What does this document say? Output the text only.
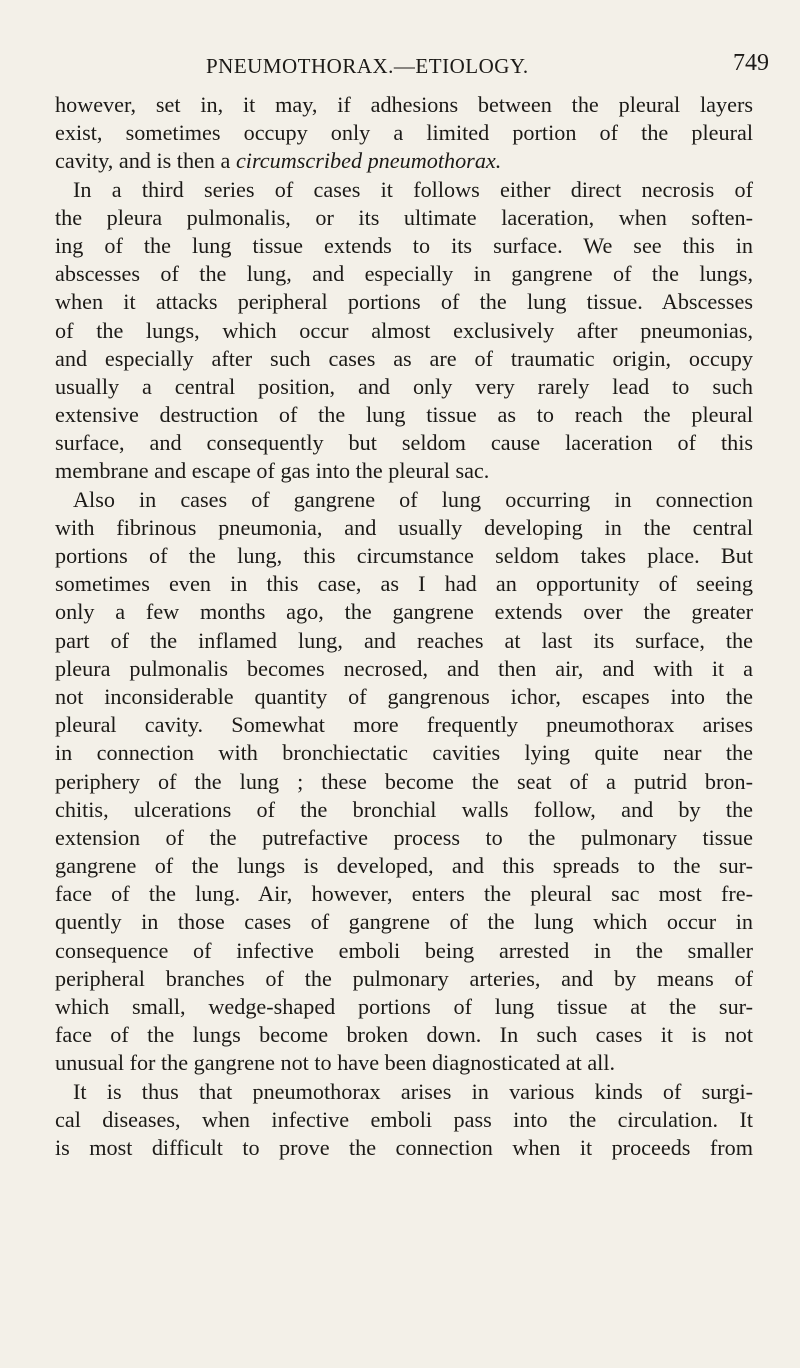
PNEUMOTHORAX.—ETIOLOGY.	749
however, set in, it may, if adhesions between the pleural layers
exist, sometimes occupy only a limited portion of the pleural
cavity, and is then a circumscribed pneumothorax.
In a third series of cases it follows either direct necrosis of
the pleura pulmonalis, or its ultimate laceration, when soften-
ing of the lung tissue extends to its surface. We see this in
abscesses of the lung, and especially in gangrene of the lungs,
when it attacks peripheral portions of the lung tissue. Abscesses
of the lungs, which occur almost exclusively after pneumonias,
and especially after such cases as are of traumatic origin, occupy
usually a central position, and only very rarely lead to such
extensive destruction of the lung tissue as to reach the pleural
surface, and consequently but seldom cause laceration of this
membrane and escape of gas into the pleural sac.
Also in cases of gangrene of lung occurring in connection
with fibrinous pneumonia, and usually developing in the central
portions of the lung, this circumstance seldom takes place. But
sometimes even in this case, as I had an opportunity of seeing
only a few months ago, the gangrene extends over the greater
part of the inflamed lung, and reaches at last its surface, the
pleura pulmonalis becomes necrosed, and then air, and with it a
not inconsiderable quantity of gangrenous ichor, escapes into the
pleural cavity. Somewhat more frequently pneumothorax arises
in connection with bronchiectatic cavities lying quite near the
periphery of the lung ; these become the seat of a putrid bron-
chitis, ulcerations of the bronchial walls follow, and by the
extension of the putrefactive process to the pulmonary tissue
gangrene of the lungs is developed, and this spreads to the sur-
face of the lung. Air, however, enters the pleural sac most fre-
quently in those cases of gangrene of the lung which occur in
consequence of infective emboli being arrested in the smaller
peripheral branches of the pulmonary arteries, and by means of
which small, wedge-shaped portions of lung tissue at the sur-
face of the lungs become broken down. In such cases it is not
unusual for the gangrene not to have been diagnosticated at all.
It is thus that pneumothorax arises in various kinds of surgi-
cal diseases, when infective emboli pass into the circulation. It
is most difficult to prove the connection when it proceeds from
